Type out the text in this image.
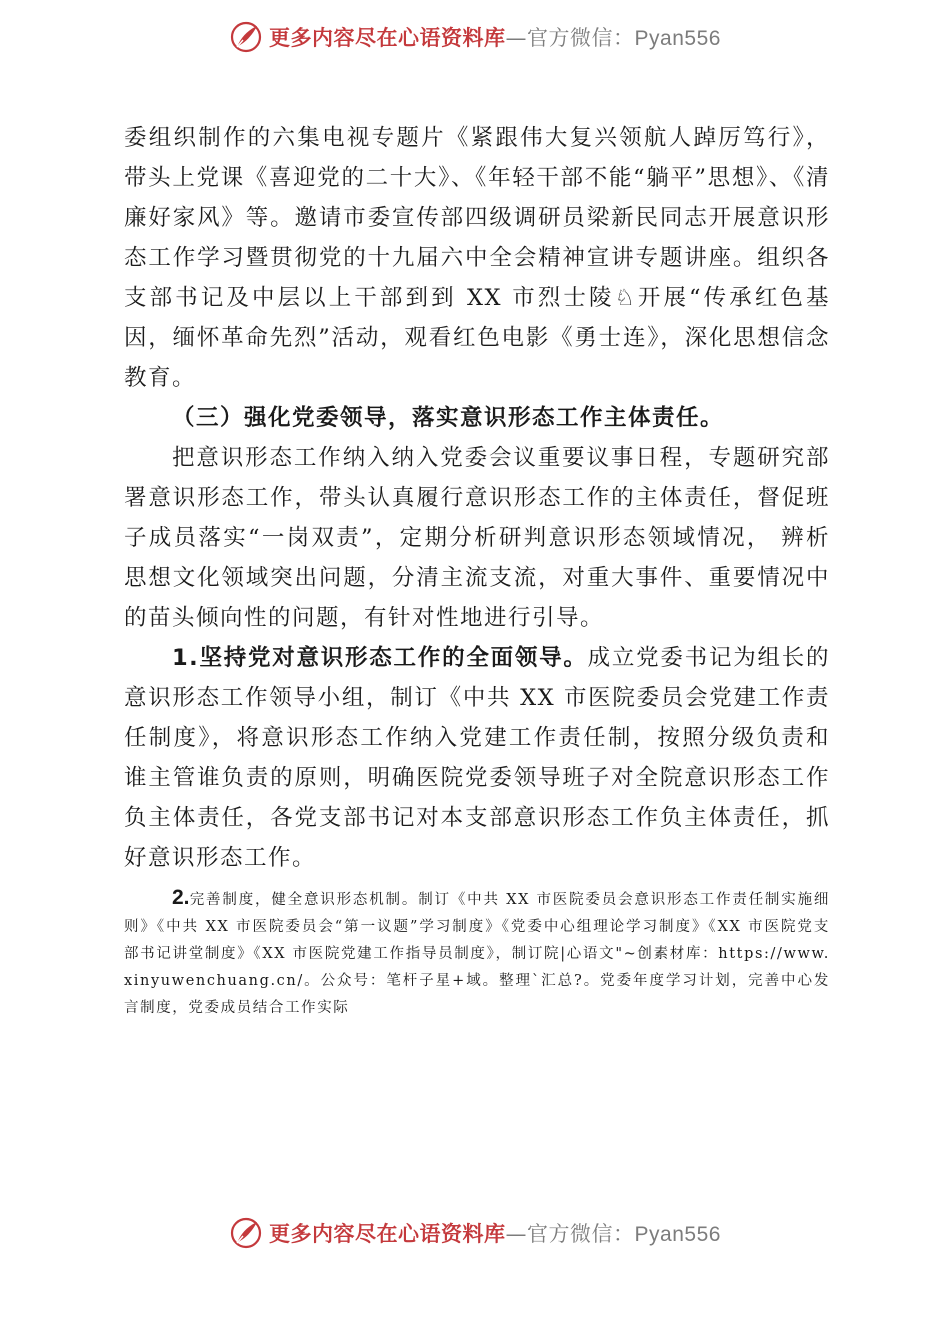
更多内容尽在心语资料库—官方微信：Pyan556

委组织制作的六集电视专题片《紧跟伟大复兴领航人踔厉笃行》，带头上党课《喜迎党的二十大》、《年轻干部不能“躺平”思想》、《清廉好家风》等。邀请市委宣传部四级调研员梁新民同志开展意识形态工作学习暨贯彻党的十九届六中全会精神宣讲专题讲座。组织各支部书记及中层以上干部到到 XX 市烈士陵♘开展“传承红色基因，缅怀革命先烈”活动，观看红色电影《勇士连》，深化思想信念教育。

（三）强化党委领导，落实意识形态工作主体责任。

把意识形态工作纳入纳入党委会议重要议事日程，专题研究部署意识形态工作，带头认真履行意识形态工作的主体责任，督促班子成员落实“一岗双责”，定期分析研判意识形态领域情况， 辨析思想文化领域突出问题，分清主流支流，对重大事件、重要情况中的苗头倾向性的问题，有针对性地进行引导。

1.坚持党对意识形态工作的全面领导。成立党委书记为组长的意识形态工作领导小组，制订《中共 XX 市医院委员会党建工作责任制度》，将意识形态工作纳入党建工作责任制，按照分级负责和谁主管谁负责的原则，明确医院党委领导班子对全院意识形态工作负主体责任，各党支部书记对本支部意识形态工作负主体责任，抓好意识形态工作。

2.完善制度，健全意识形态机制。制订《中共 XX 市医院委员会意识形态工作责任制实施细则》《中共 XX 市医院委员会“第一议题”学习制度》《党委中心组理论学习制度》《XX 市医院党支部书记讲堂制度》《XX 市医院党建工作指导员制度》，制订院|心语文"~创素材库：https://www.xinyuwenchuang.cn/。公众号：笔杆子星+域。整理`汇总?。党委年度学习计划，完善中心发言制度，党委成员结合工作实际

更多内容尽在心语资料库—官方微信：Pyan556
